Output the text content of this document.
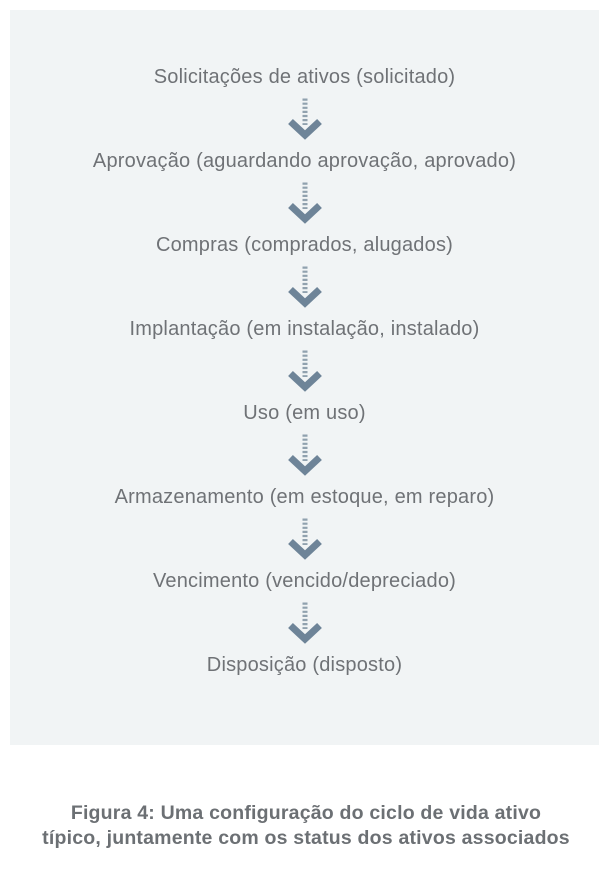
Solicitações de ativos (solicitado)
Aprovação (aguardando aprovação, aprovado)
Compras (comprados, alugados)
Implantação (em instalação, instalado)
Uso (em uso)
Armazenamento (em estoque, em reparo)
Vencimento (vencido/depreciado)
Disposição (disposto)
Figura 4: Uma configuração do ciclo de vida ativo
típico, juntamente com os status dos ativos associados
